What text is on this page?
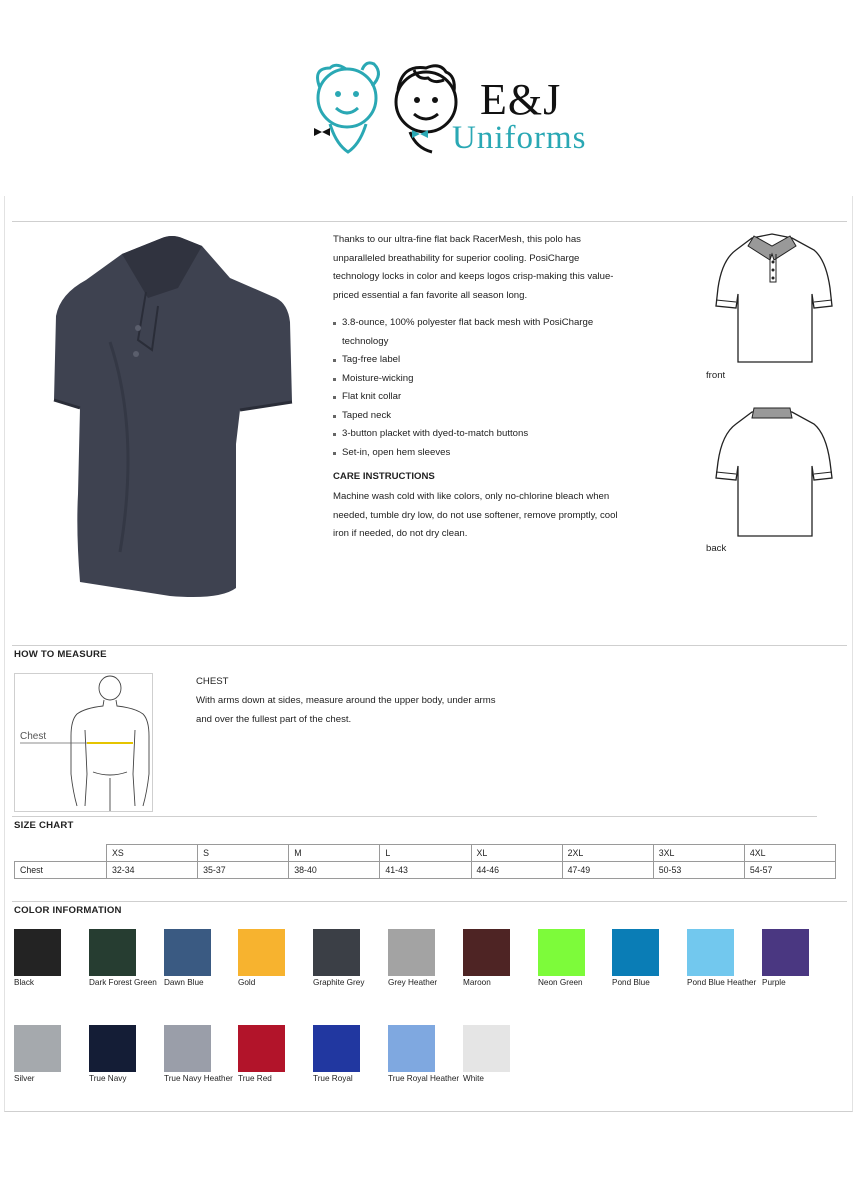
E&J
Uniforms

Thanks to our ultra-fine flat back RacerMesh, this polo has unparalleled breathability for superior cooling. PosiCharge technology locks in color and keeps logos crisp-making this value-priced essential a fan favorite all season long.

3.8-ounce, 100% polyester flat back mesh with PosiCharge technology
Tag-free label
Moisture-wicking
Flat knit collar
Taped neck
3-button placket with dyed-to-match buttons
Set-in, open hem sleeves
CARE INSTRUCTIONS

Machine wash cold with like colors, only no-chlorine bleach when needed, tumble dry low, do not use softener, remove promptly, cool iron if needed, do not dry clean.

front
back
HOW TO MEASURE
Chest
CHEST

With arms down at sides, measure around the upper body, under arms and over the fullest part of the chest.

SIZE CHART
	XS	S	M	L	XL	2XL	3XL	4XL
Chest	32-34	35-37	38-40	41-43	44-46	47-49	50-53	54-57
COLOR INFORMATION
Black	Dark Forest Green Dawn Blue	Gold	Graphite Grey	Grey Heather	Maroon	Neon Green	Pond Blue	Pond Blue Heather Purple
Silver	True Navy	True Navy Heather True Red	True Royal	True Royal Heather White
